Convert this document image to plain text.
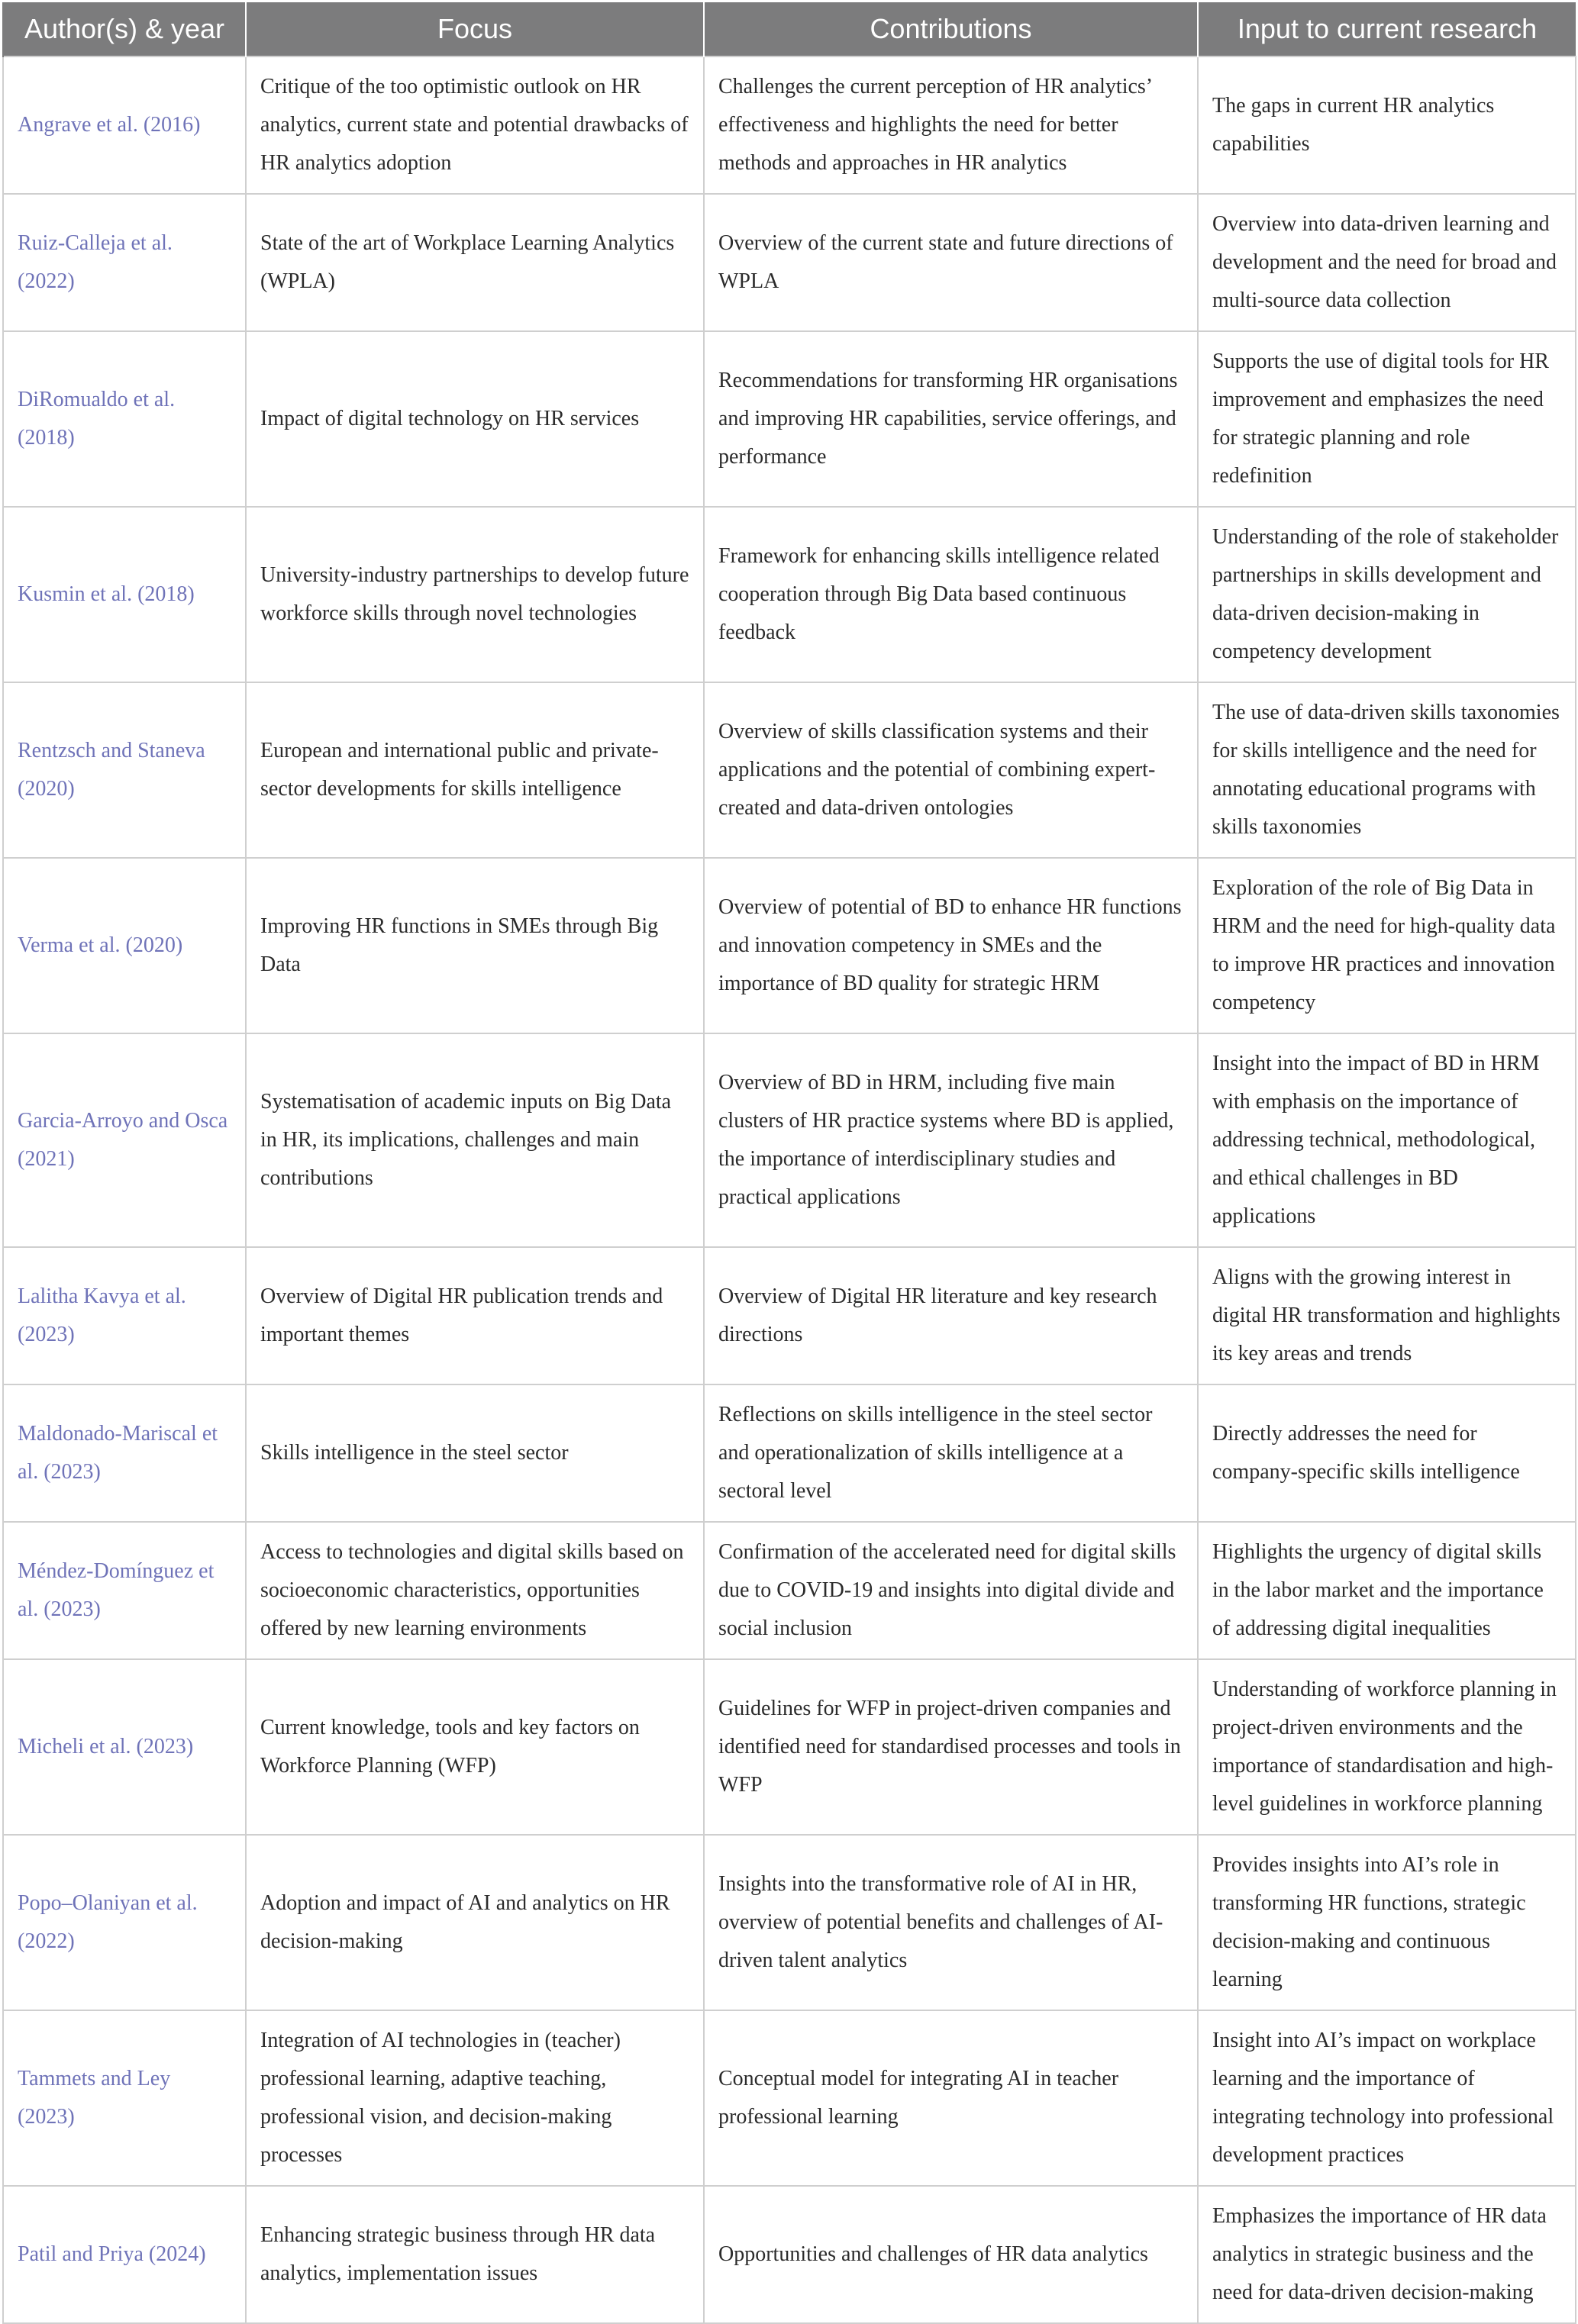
Author(s) & year	Focus	Contributions	Input to current research
Angrave et al. (2016)	Critique of the too optimistic outlook on HR analytics, current state and potential drawbacks of HR analytics adoption	Challenges the current perception of HR analytics’ effectiveness and highlights the need for better methods and approaches in HR analytics	The gaps in current HR analytics capabilities
Ruiz-Calleja et al. (2022)	State of the art of Workplace Learning Analytics (WPLA)	Overview of the current state and future directions of WPLA	Overview into data-driven learning and development and the need for broad and multi-source data collection
DiRomualdo et al. (2018)	Impact of digital technology on HR services	Recommendations for transforming HR organisations and improving HR capabilities, service offerings, and performance	Supports the use of digital tools for HR improvement and emphasizes the need for strategic planning and role redefinition
Kusmin et al. (2018)	University-industry partnerships to develop future workforce skills through novel technologies	Framework for enhancing skills intelligence related cooperation through Big Data based continuous feedback	Understanding of the role of stakeholder partnerships in skills development and data-driven decision-making in competency development
Rentzsch and Staneva (2020)	European and international public and private-sector developments for skills intelligence	Overview of skills classification systems and their applications and the potential of combining expert-created and data-driven ontologies	The use of data-driven skills taxonomies for skills intelligence and the need for annotating educational programs with skills taxonomies
Verma et al. (2020)	Improving HR functions in SMEs through Big Data	Overview of potential of BD to enhance HR functions and innovation competency in SMEs and the importance of BD quality for strategic HRM	Exploration of the role of Big Data in HRM and the need for high-quality data to improve HR practices and innovation competency
Garcia-Arroyo and Osca (2021)	Systematisation of academic inputs on Big Data in HR, its implications, challenges and main contributions	Overview of BD in HRM, including five main clusters of HR practice systems where BD is applied, the importance of interdisciplinary studies and practical applications	Insight into the impact of BD in HRM with emphasis on the importance of addressing technical, methodological, and ethical challenges in BD applications
Lalitha Kavya et al. (2023)	Overview of Digital HR publication trends and important themes	Overview of Digital HR literature and key research directions	Aligns with the growing interest in digital HR transformation and highlights its key areas and trends
Maldonado-Mariscal et al. (2023)	Skills intelligence in the steel sector	Reflections on skills intelligence in the steel sector and operationalization of skills intelligence at a sectoral level	Directly addresses the need for company-specific skills intelligence
Méndez-Domínguez et al. (2023)	Access to technologies and digital skills based on socioeconomic characteristics, opportunities offered by new learning environments	Confirmation of the accelerated need for digital skills due to COVID-19 and insights into digital divide and social inclusion	Highlights the urgency of digital skills in the labor market and the importance of addressing digital inequalities
Micheli et al. (2023)	Current knowledge, tools and key factors on Workforce Planning (WFP)	Guidelines for WFP in project-driven companies and identified need for standardised processes and tools in WFP	Understanding of workforce planning in project-driven environments and the importance of standardisation and high-level guidelines in workforce planning
Popo–Olaniyan et al. (2022)	Adoption and impact of AI and analytics on HR decision-making	Insights into the transformative role of AI in HR, overview of potential benefits and challenges of AI-driven talent analytics	Provides insights into AI’s role in transforming HR functions, strategic decision-making and continuous learning
Tammets and Ley (2023)	Integration of AI technologies in (teacher) professional learning, adaptive teaching, professional vision, and decision-making processes	Conceptual model for integrating AI in teacher professional learning	Insight into AI’s impact on workplace learning and the importance of integrating technology into professional development practices
Patil and Priya (2024)	Enhancing strategic business through HR data analytics, implementation issues	Opportunities and challenges of HR data analytics	Emphasizes the importance of HR data analytics in strategic business and the need for data-driven decision-making
